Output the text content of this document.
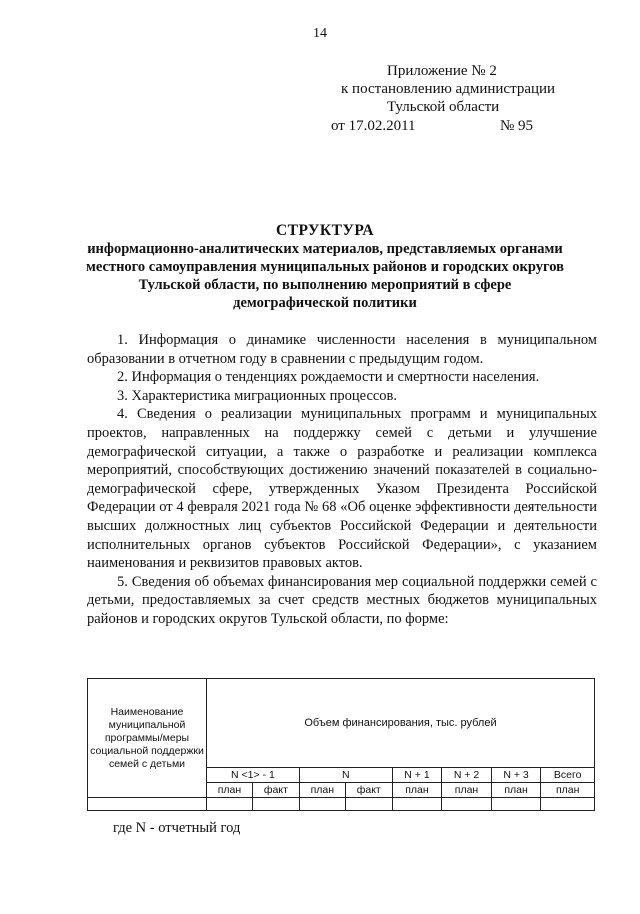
14
Приложение № 2
к постановлению администрации
Тульской области
от 17.02.2011	№ 95
СТРУКТУРА
информационно-аналитических материалов, представляемых органами
местного самоуправления муниципальных районов и городских округов
Тульской области, по выполнению мероприятий в сфере
демографической политики

1. Информация о динамике численности населения в муниципальном образовании в отчетном году в сравнении с предыдущим годом.

2. Информация о тенденциях рождаемости и смертности населения.

3. Характеристика миграционных процессов.

4. Сведения о реализации муниципальных программ и муниципальных проектов, направленных на поддержку семей с детьми и улучшение демографической ситуации, а также о разработке и реализации комплекса мероприятий, способствующих достижению значений показателей в социально-демографической сфере, утвержденных Указом Президента Российской Федерации от 4 февраля 2021 года № 68 «Об оценке эффективности деятельности высших должностных лиц субъектов Российской Федерации и деятельности исполнительных органов субъектов Российской Федерации», с указанием наименования и реквизитов правовых актов.

5. Сведения об объемах финансирования мер социальной поддержки семей с детьми, предоставляемых за счет средств местных бюджетов муниципальных районов и городских округов Тульской области, по форме:

Наименование муниципальной программы/меры социальной поддержки семей с детьми	Объем финансирования, тыс. рублей							
	N <1> - 1		N		N + 1	N + 2	N + 3	Всего
	план	факт	план	факт	план	план	план	план

где N - отчетный год
